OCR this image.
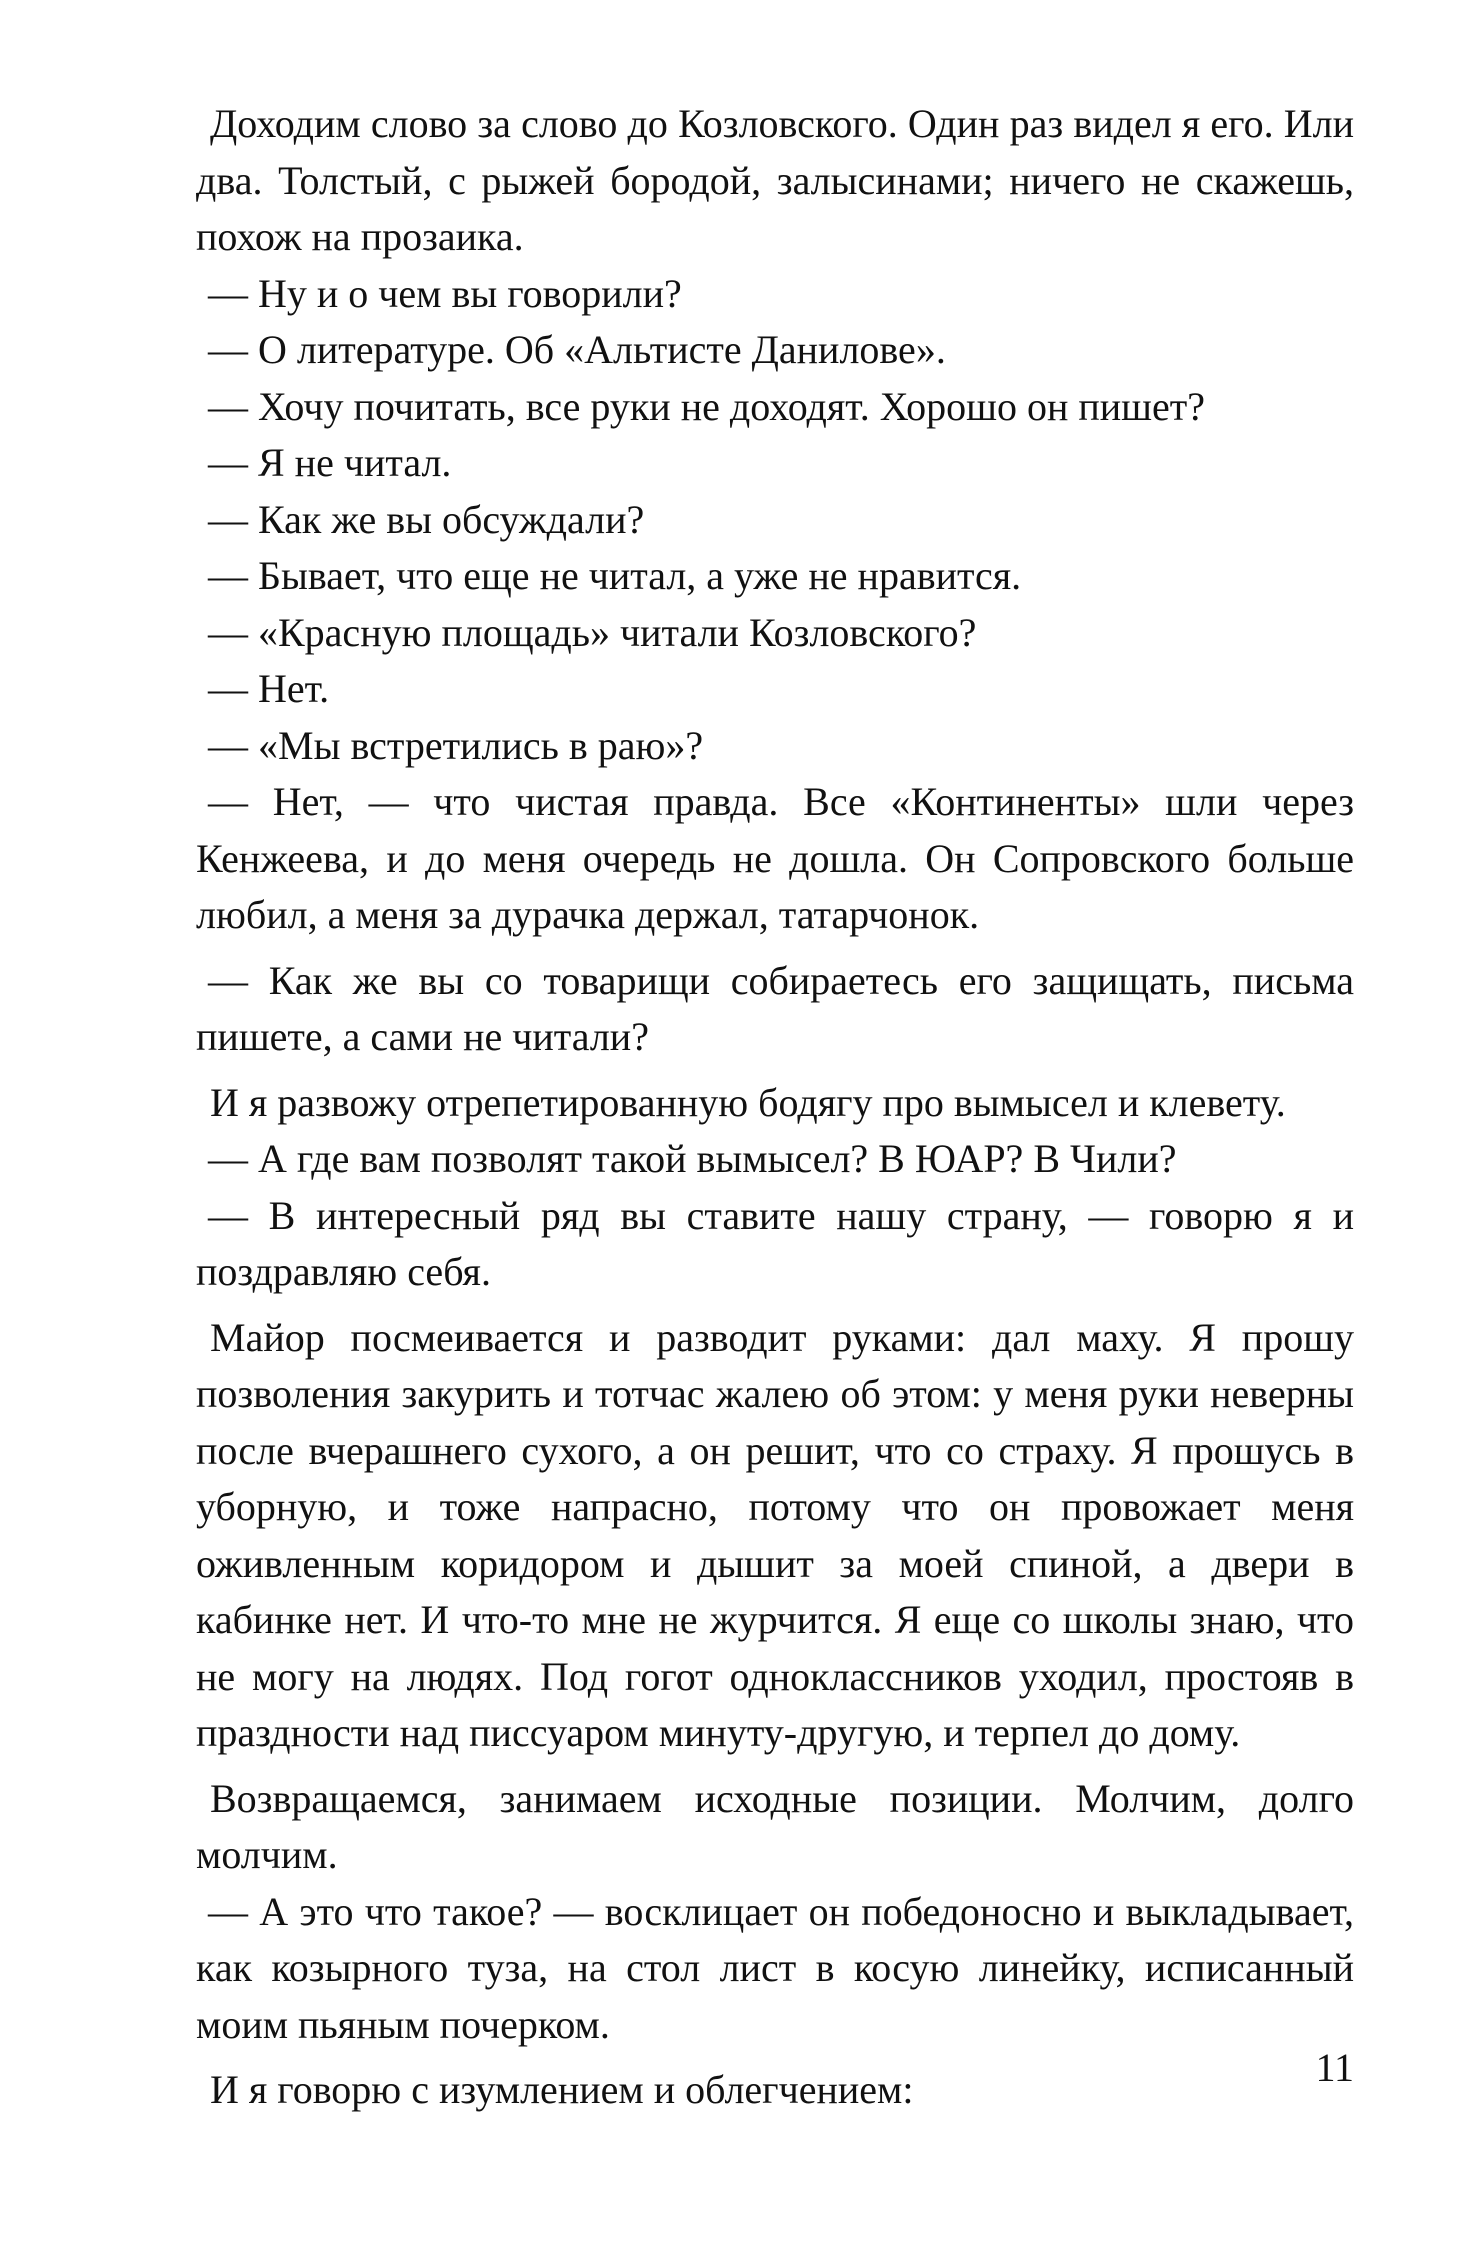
Доходим слово за слово до Козловского. Один раз видел я его. Или два. Толстый, с рыжей бородой, залысинами; ничего не скажешь, похож на прозаика.

— Ну и о чем вы говорили?

— О литературе. Об «Альтисте Данилове».

— Хочу почитать, все руки не доходят. Хорошо он пишет?

— Я не читал.

— Как же вы обсуждали?

— Бывает, что еще не читал, а уже не нравится.

— «Красную площадь» читали Козловского?

— Нет.

— «Мы встретились в раю»?

— Нет, — что чистая правда. Все «Континенты» шли через Кенжеева, и до меня очередь не дошла. Он Сопровского больше любил, а меня за дурачка держал, татарчонок.

— Как же вы со товарищи собираетесь его защищать, письма пишете, а сами не читали?

И я развожу отрепетированную бодягу про вымысел и клевету.

— А где вам позволят такой вымысел? В ЮАР? В Чили?

— В интересный ряд вы ставите нашу страну, — говорю я и поздравляю себя.

Майор посмеивается и разводит руками: дал маху. Я прошу позволения закурить и тотчас жалею об этом: у меня руки неверны после вчерашнего сухого, а он решит, что со страху. Я прошусь в уборную, и тоже напрасно, потому что он провожает меня оживленным коридором и дышит за моей спиной, а двери в кабинке нет. И что-то мне не журчится. Я еще со школы знаю, что не могу на людях. Под гогот одноклассников уходил, простояв в праздности над писсуаром минуту-другую, и терпел до дому.

Возвращаемся, занимаем исходные позиции. Молчим, долго молчим.

— А это что такое? — восклицает он победоносно и выкладывает, как козырного туза, на стол лист в косую линейку, исписанный моим пьяным почерком.

И я говорю с изумлением и облегчением:	11
